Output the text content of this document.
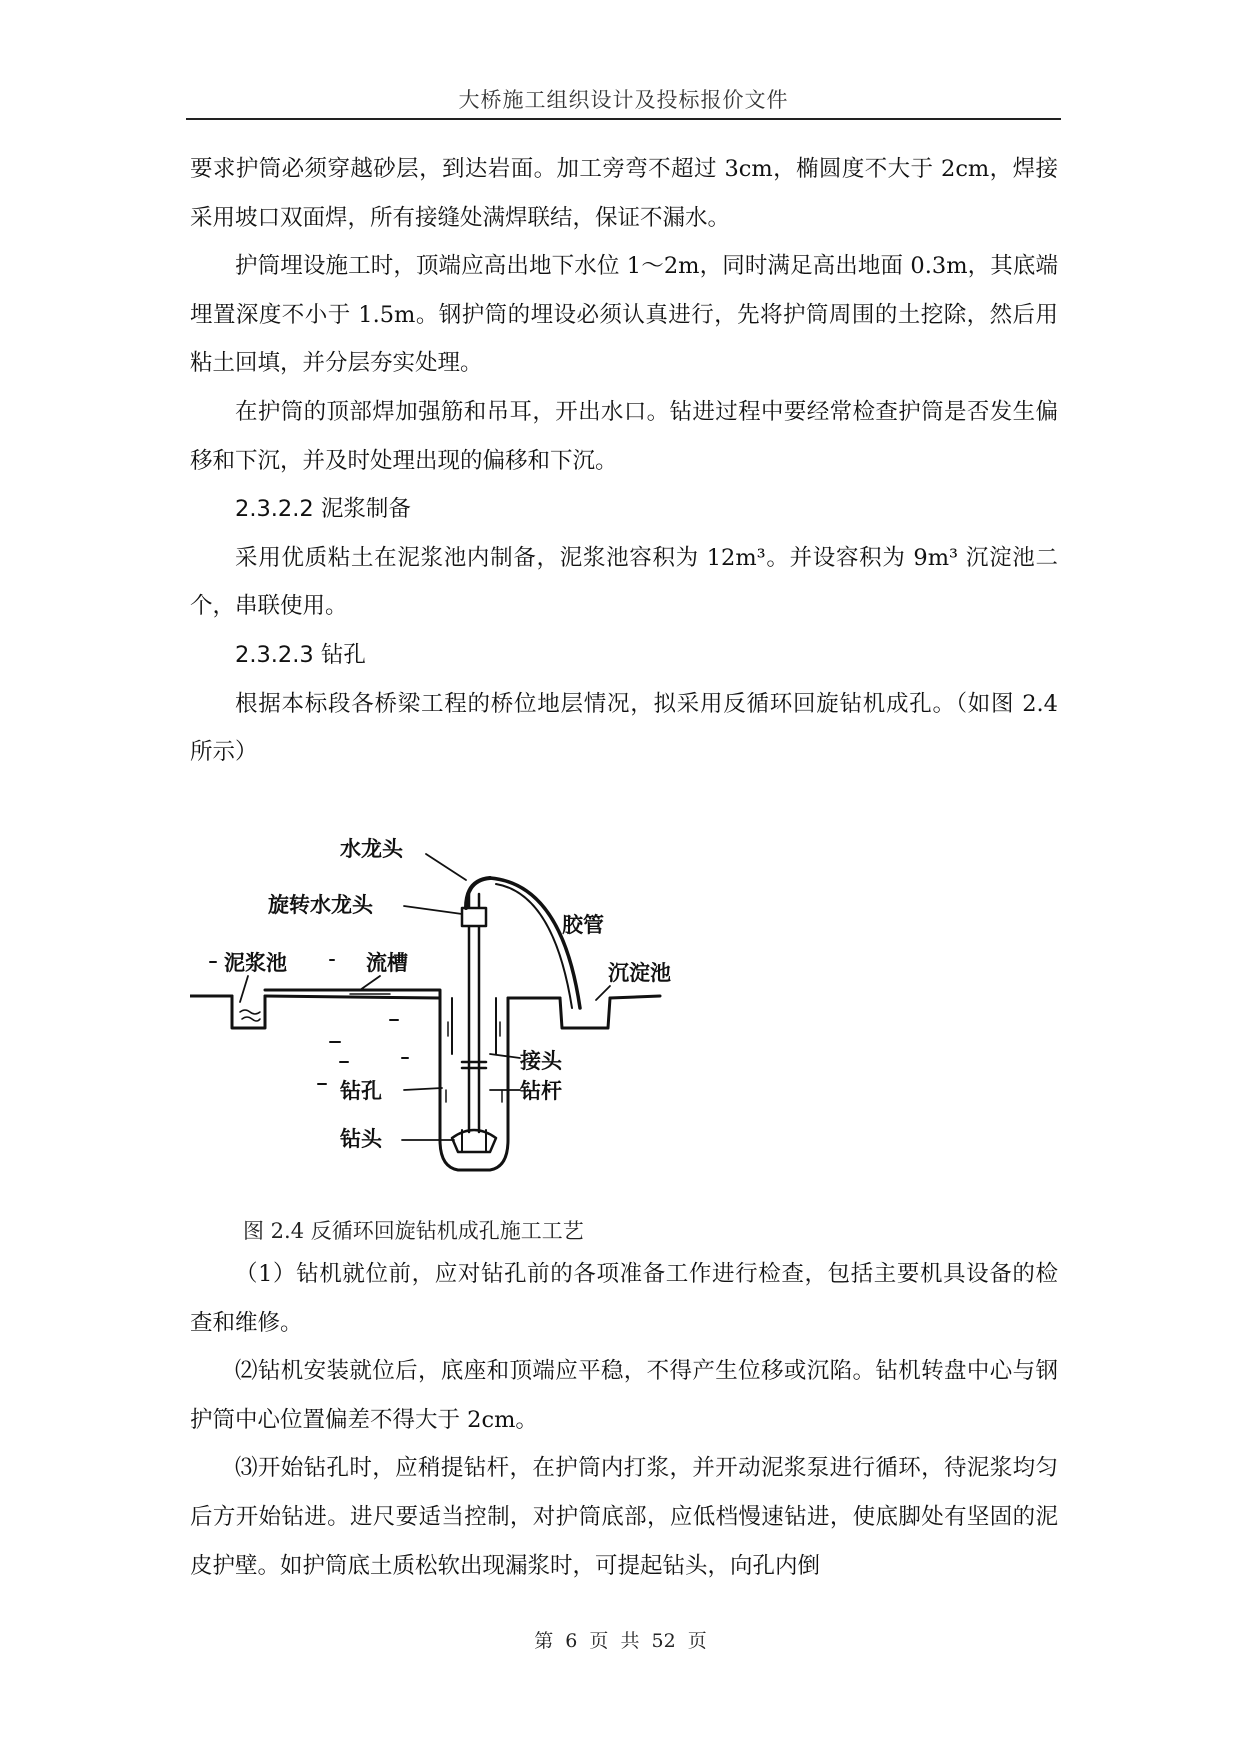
大桥施工组织设计及投标报价文件

要求护筒必须穿越砂层，到达岩面。加工旁弯不超过 3cm，椭圆度不大于 2cm，焊接采用坡口双面焊，所有接缝处满焊联结，保证不漏水。

护筒埋设施工时，顶端应高出地下水位 1～2m，同时满足高出地面 0.3m，其底端埋置深度不小于 1.5m。钢护筒的埋设必须认真进行，先将护筒周围的土挖除，然后用粘土回填，并分层夯实处理。

在护筒的顶部焊加强筋和吊耳，开出水口。钻进过程中要经常检查护筒是否发生偏移和下沉，并及时处理出现的偏移和下沉。

2.3.2.2 泥浆制备

采用优质粘土在泥浆池内制备，泥浆池容积为 12m³。并设容积为 9m³ 沉淀池二个，串联使用。

2.3.2.3 钻孔

根据本标段各桥梁工程的桥位地层情况，拟采用反循环回旋钻机成孔。（如图 2.4 所示）

水龙头
旋转水龙头
胶管
泥浆池	流槽	沉淀池
接头
钻孔	钻杆
钻头
图 2.4 反循环回旋钻机成孔施工工艺

（1）钻机就位前，应对钻孔前的各项准备工作进行检查，包括主要机具设备的检查和维修。

⑵钻机安装就位后，底座和顶端应平稳，不得产生位移或沉陷。钻机转盘中心与钢护筒中心位置偏差不得大于 2cm。

⑶开始钻孔时，应稍提钻杆，在护筒内打浆，并开动泥浆泵进行循环，待泥浆均匀后方开始钻进。进尺要适当控制，对护筒底部，应低档慢速钻进，使底脚处有坚固的泥皮护壁。如护筒底土质松软出现漏浆时，可提起钻头，向孔内倒

第 6 页 共 52 页
